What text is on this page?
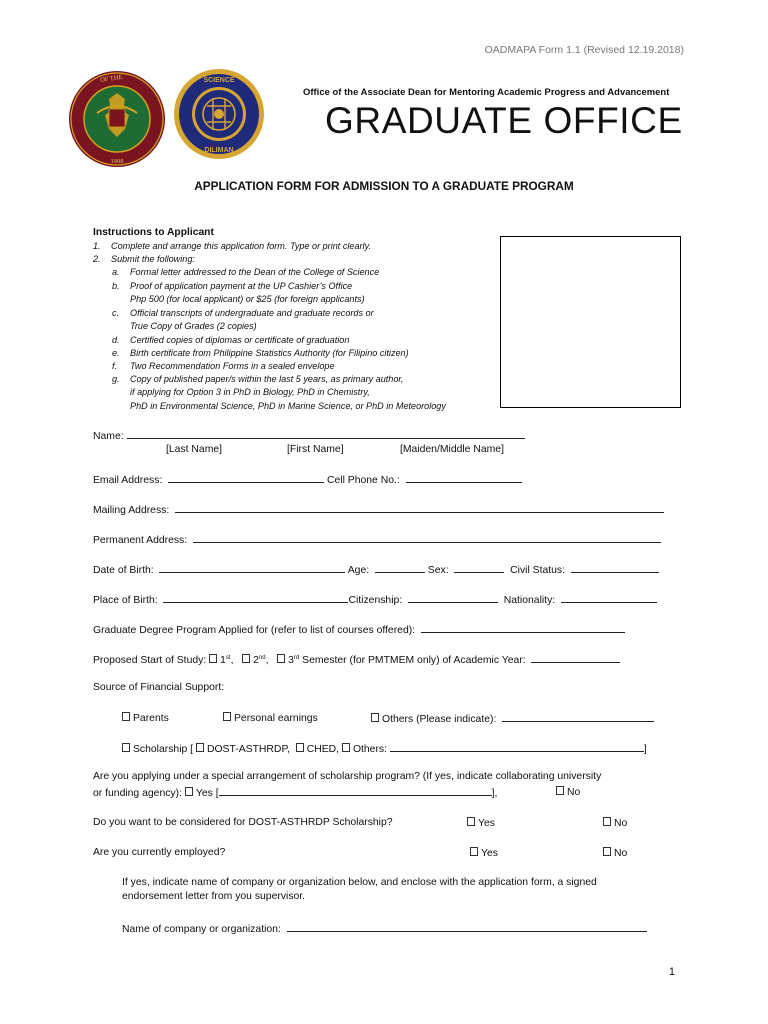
OADMAPA Form 1.1 (Revised 12.19.2018)
OF THE
1908
SCIENCE
DILIMAN
Office of the Associate Dean for Mentoring Academic Progress and Advancement
GRADUATE OFFICE
APPLICATION FORM FOR ADMISSION TO A GRADUATE PROGRAM
Instructions to Applicant
1. Complete and arrange this application form. Type or print clearly.
2. Submit the following:
a. Formal letter addressed to the Dean of the College of Science
b. Proof of application payment at the UP Cashier’s Office
Php 500 (for local applicant) or $25 (for foreign applicants)
c. Official transcripts of undergraduate and graduate records or
True Copy of Grades (2 copies)
d. Certified copies of diplomas or certificate of graduation
e. Birth certificate from Philippine Statistics Authority (for Filipino citizen)
f. Two Recommendation Forms in a sealed envelope
g. Copy of published paper/s within the last 5 years, as primary author,
if applying for Option 3 in PhD in Biology, PhD in Chemistry,
PhD in Environmental Science, PhD in Marine Science, or PhD in Meteorology
Name:
[Last Name]	[First Name]	[Maiden/Middle Name]
Email Address:	Cell Phone No.:
Mailing Address:
Permanent Address:
Date of Birth:	Age:	Sex:	Civil Status:
Place of Birth:	Citizenship:	Nationality:
Graduate Degree Program Applied for (refer to list of courses offered):
Proposed Start of Study: 1st,   2nd,   3rd Semester (for PMTMEM only) of Academic Year:
Source of Financial Support:
Parents	Personal earnings	Others (Please indicate):
Scholarship [ DOST-ASTHRDP, CHED, Others:	]
Are you applying under a special arrangement of scholarship program? (If yes, indicate collaborating university
or funding agency): Yes [	],	No
Do you want to be considered for DOST-ASTHRDP Scholarship?	Yes	No
Are you currently employed?	Yes	No
If yes, indicate name of company or organization below, and enclose with the application form, a signed
endorsement letter from you supervisor.
Name of company or organization:
1
